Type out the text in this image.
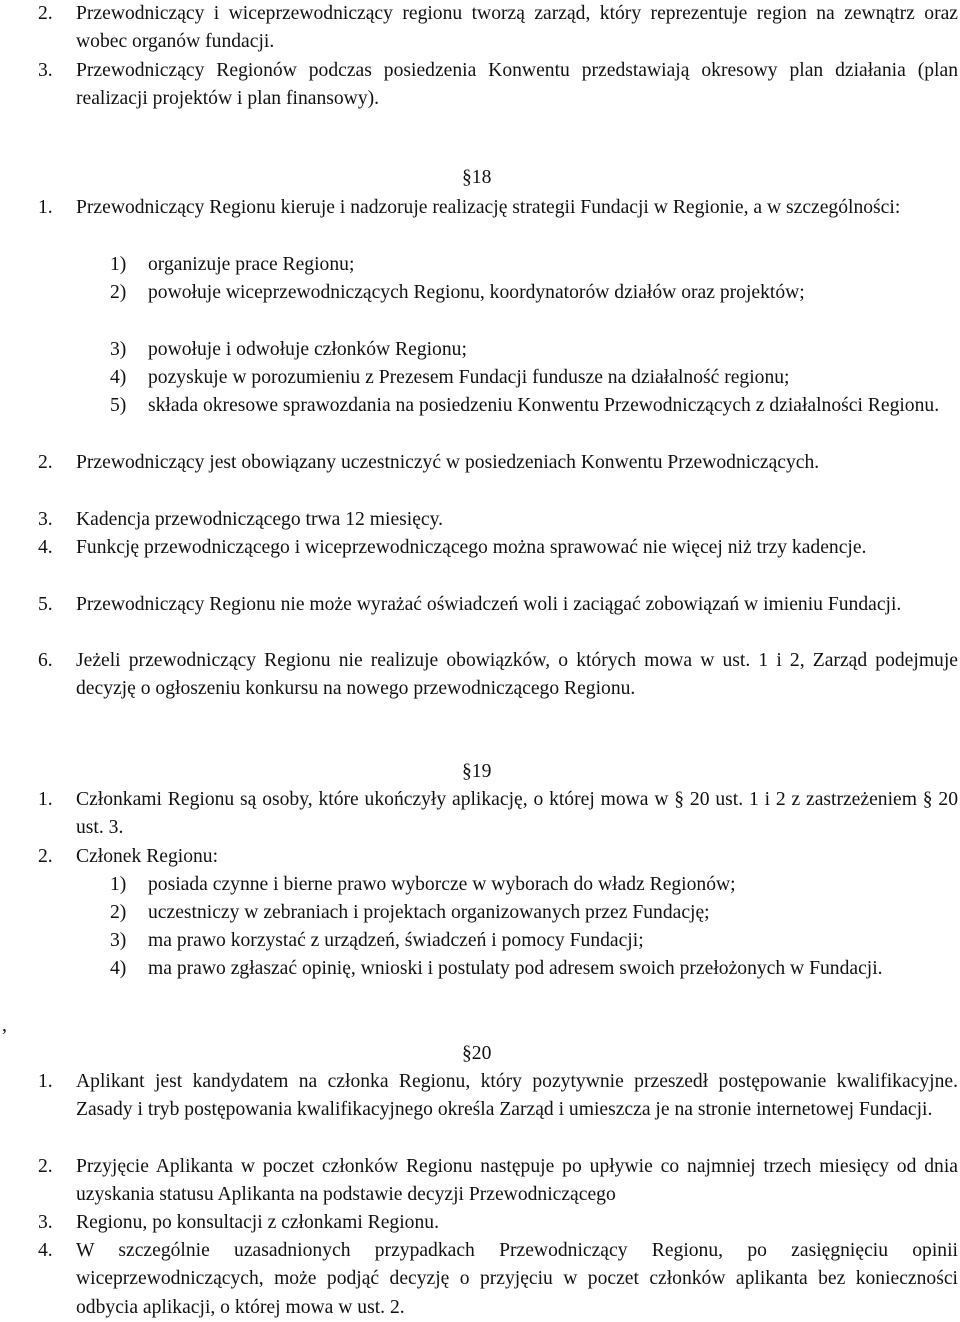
2. Przewodniczący i wiceprzewodniczący regionu tworzą zarząd, który reprezentuje region na zewnątrz oraz wobec organów fundacji.
3. Przewodniczący Regionów podczas posiedzenia Konwentu przedstawiają okresowy plan działania (plan realizacji projektów i plan finansowy).
§18
1. Przewodniczący Regionu kieruje i nadzoruje realizację strategii Fundacji w Regionie, a w szczególności:
1) organizuje prace Regionu;
2) powołuje wiceprzewodniczących Regionu, koordynatorów działów oraz projektów;
3) powołuje i odwołuje członków Regionu;
4) pozyskuje w porozumieniu z Prezesem Fundacji fundusze na działalność regionu;
5) składa okresowe sprawozdania na posiedzeniu Konwentu Przewodniczących z działalności Regionu.
2. Przewodniczący jest obowiązany uczestniczyć w posiedzeniach Konwentu Przewodniczących.
3. Kadencja przewodniczącego trwa 12 miesięcy.
4. Funkcję przewodniczącego i wiceprzewodniczącego można sprawować nie więcej niż trzy kadencje.
5. Przewodniczący Regionu nie może wyrażać oświadczeń woli i zaciągać zobowiązań w imieniu Fundacji.
6. Jeżeli przewodniczący Regionu nie realizuje obowiązków, o których mowa w ust. 1 i 2, Zarząd podejmuje decyzję o ogłoszeniu konkursu na nowego przewodniczącego Regionu.
§19
1. Członkami Regionu są osoby, które ukończyły aplikację, o której mowa w § 20 ust. 1 i 2 z zastrzeżeniem § 20 ust. 3.
2. Członek Regionu:
1) posiada czynne i bierne prawo wyborcze w wyborach do władz Regionów;
2) uczestniczy w zebraniach i projektach organizowanych przez Fundację;
3) ma prawo korzystać z urządzeń, świadczeń i pomocy Fundacji;
4) ma prawo zgłaszać opinię, wnioski i postulaty pod adresem swoich przełożonych w Fundacji.
,
§20
1. Aplikant jest kandydatem na członka Regionu, który pozytywnie przeszedł postępowanie kwalifikacyjne. Zasady i tryb postępowania kwalifikacyjnego określa Zarząd i umieszcza je na stronie internetowej Fundacji.
2. Przyjęcie Aplikanta w poczet członków Regionu następuje po upływie co najmniej trzech miesięcy od dnia uzyskania statusu Aplikanta na podstawie decyzji Przewodniczącego
3. Regionu, po konsultacji z członkami Regionu.
4. W szczególnie uzasadnionych przypadkach Przewodniczący Regionu, po zasięgnięciu opinii wiceprzewodniczących, może podjąć decyzję o przyjęciu w poczet członków aplikanta bez konieczności odbycia aplikacji, o której mowa w ust. 2.
